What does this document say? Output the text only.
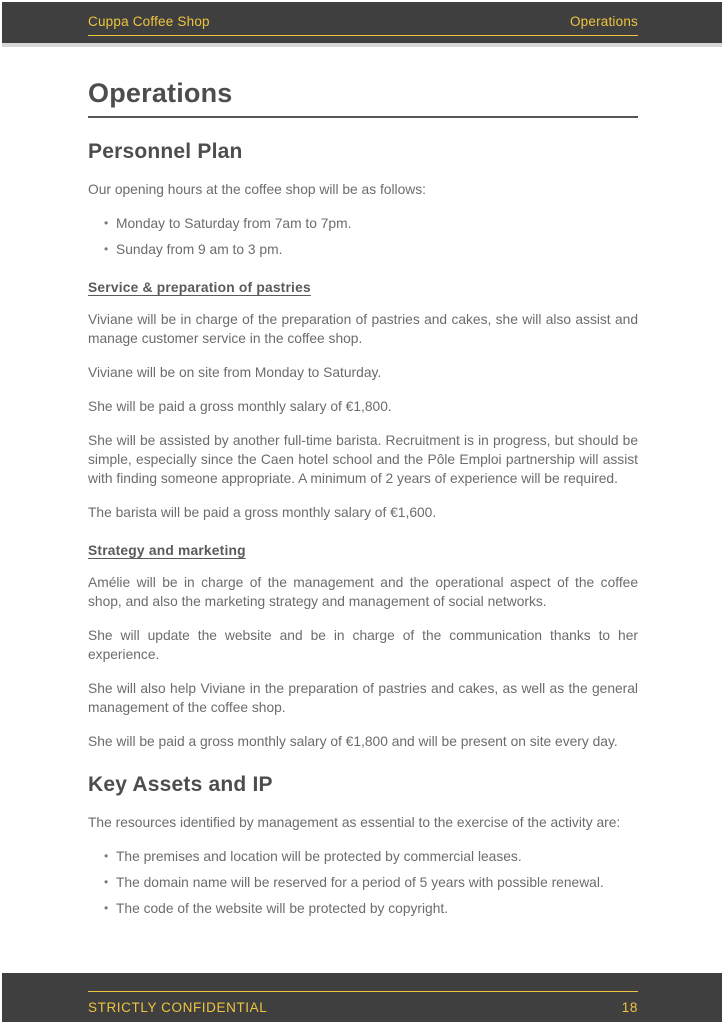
Cuppa Coffee Shop	Operations
Operations
Personnel Plan

Our opening hours at the coffee shop will be as follows:

• Monday to Saturday from 7am to 7pm.
• Sunday from 9 am to 3 pm.
Service & preparation of pastries

Viviane will be in charge of the preparation of pastries and cakes, she will also assist and manage customer service in the coffee shop.

Viviane will be on site from Monday to Saturday.

She will be paid a gross monthly salary of €1,800.

She will be assisted by another full-time barista. Recruitment is in progress, but should be simple, especially since the Caen hotel school and the Pôle Emploi partnership will assist with finding someone appropriate. A minimum of 2 years of experience will be required.

The barista will be paid a gross monthly salary of €1,600.

Strategy and marketing

Amélie will be in charge of the management and the operational aspect of the coffee shop, and also the marketing strategy and management of social networks.

She will update the website and be in charge of the communication thanks to her experience.

She will also help Viviane in the preparation of pastries and cakes, as well as the general management of the coffee shop.

She will be paid a gross monthly salary of €1,800 and will be present on site every day.

Key Assets and IP

The resources identified by management as essential to the exercise of the activity are:

• The premises and location will be protected by commercial leases.
• The domain name will be reserved for a period of 5 years with possible renewal.
• The code of the website will be protected by copyright.
STRICTLY CONFIDENTIAL	18
